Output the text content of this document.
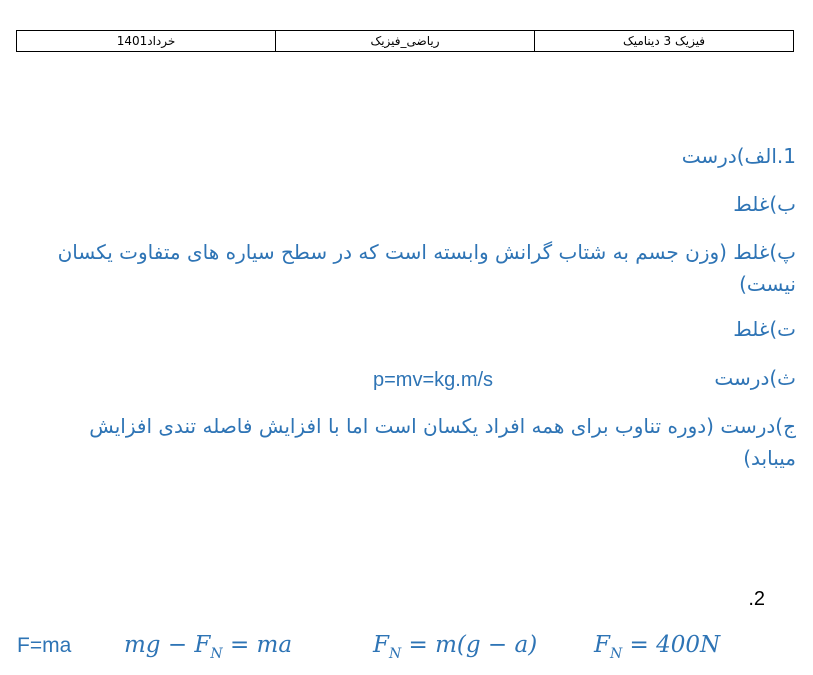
خرداد1401	ریاضی_فیزیک	فیزیک 3 دینامیک
1.الف)درست
ب)غلط
پ)غلط (وزن جسم به شتاب گرانش وابسته است که در سطح سیاره های متفاوت یکسان نیست)
ت)غلط
ث)درست
p=mv=kg.m/s
ج)درست (دوره تناوب برای همه افراد یکسان است اما با افزایش فاصله تندی افزایش میبابد)
.2
F=ma mg − $F_N$ = ma	$F_N = m(g - a) F_N = 400N$
